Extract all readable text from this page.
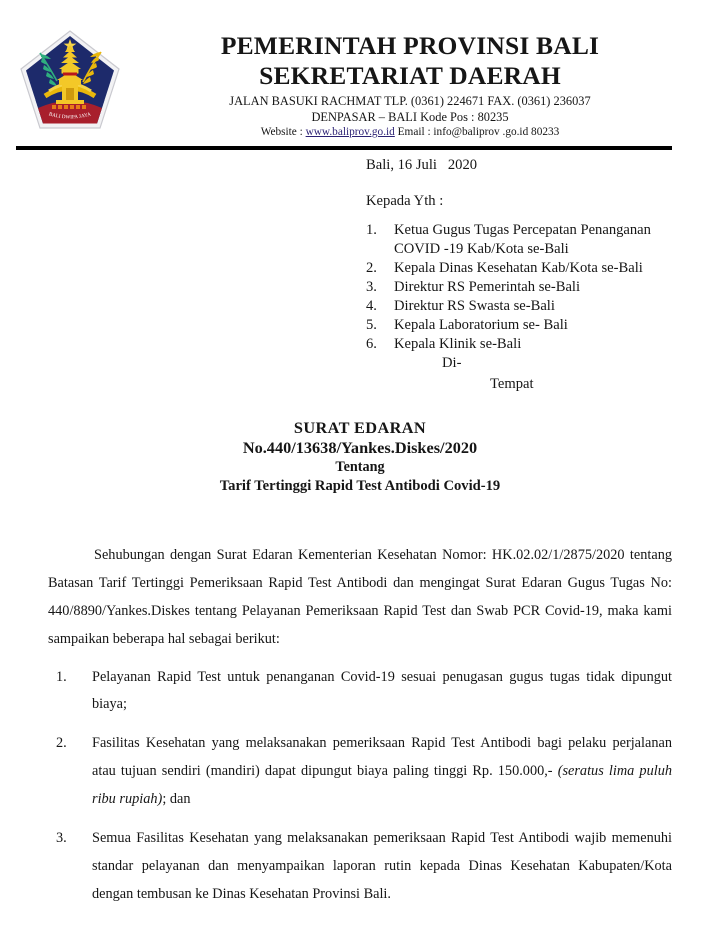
BALI DWIPA JAYA
PEMERINTAH PROVINSI BALI
SEKRETARIAT DAERAH
JALAN BASUKI RACHMAT TLP. (0361) 224671 FAX. (0361) 236037
DENPASAR – BALI Kode Pos : 80235
Website : www.baliprov.go.id Email : info@baliprov .go.id 80233
Bali, 16 Juli   2020
Kepada Yth :
1.	Ketua Gugus Tugas Percepatan Penanganan COVID -19 Kab/Kota se-Bali
2.	Kepala Dinas Kesehatan Kab/Kota se-Bali
3.	Direktur RS Pemerintah se-Bali
4.	Direktur RS Swasta se-Bali
5.	Kepala Laboratorium se- Bali
6.	Kepala Klinik se-Bali
Di-
Tempat
SURAT EDARAN
No.440/13638/Yankes.Diskes/2020
Tentang
Tarif Tertinggi Rapid Test Antibodi Covid-19

Sehubungan dengan Surat Edaran Kementerian Kesehatan Nomor: HK.02.02/1/2875/2020 tentang Batasan Tarif Tertinggi Pemeriksaan Rapid Test Antibodi dan mengingat Surat Edaran Gugus Tugas No: 440/8890/Yankes.Diskes tentang Pelayanan Pemeriksaan Rapid Test dan Swab PCR Covid-19, maka kami sampaikan beberapa hal sebagai berikut:

1.	Pelayanan Rapid Test untuk penanganan Covid-19 sesuai penugasan gugus tugas tidak dipungut biaya;
2.	Fasilitas Kesehatan yang melaksanakan pemeriksaan Rapid Test Antibodi bagi pelaku perjalanan atau tujuan sendiri (mandiri) dapat dipungut biaya paling tinggi Rp. 150.000,- (seratus lima puluh ribu rupiah); dan
3.	Semua Fasilitas Kesehatan yang melaksanakan pemeriksaan Rapid Test Antibodi wajib memenuhi standar pelayanan dan menyampaikan laporan rutin kepada Dinas Kesehatan Kabupaten/Kota dengan tembusan ke Dinas Kesehatan Provinsi Bali.
